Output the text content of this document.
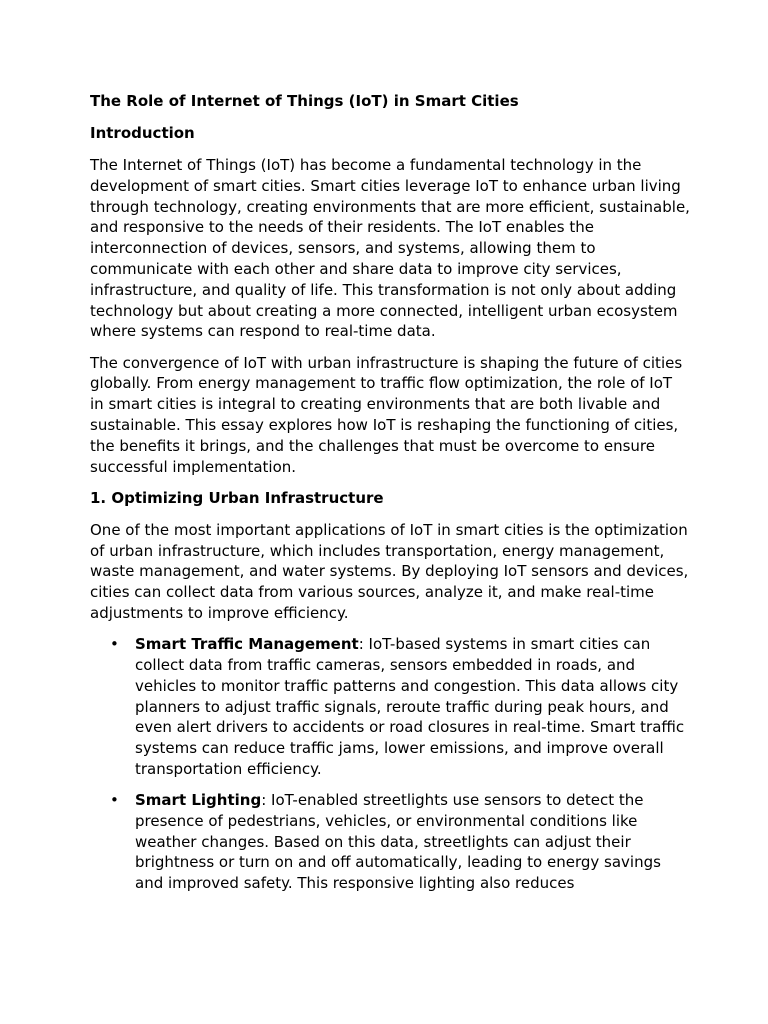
The Role of Internet of Things (IoT) in Smart Cities
Introduction

The Internet of Things (IoT) has become a fundamental technology in the development of smart cities. Smart cities leverage IoT to enhance urban living through technology, creating environments that are more efficient, sustainable, and responsive to the needs of their residents. The IoT enables the interconnection of devices, sensors, and systems, allowing them to communicate with each other and share data to improve city services, infrastructure, and quality of life. This transformation is not only about adding technology but about creating a more connected, intelligent urban ecosystem where systems can respond to real-time data.

The convergence of IoT with urban infrastructure is shaping the future of cities globally. From energy management to traffic flow optimization, the role of IoT in smart cities is integral to creating environments that are both livable and sustainable. This essay explores how IoT is reshaping the functioning of cities, the benefits it brings, and the challenges that must be overcome to ensure successful implementation.

1. Optimizing Urban Infrastructure

One of the most important applications of IoT in smart cities is the optimization of urban infrastructure, which includes transportation, energy management, waste management, and water systems. By deploying IoT sensors and devices, cities can collect data from various sources, analyze it, and make real-time adjustments to improve efficiency.

• Smart Traffic Management: IoT-based systems in smart cities can collect data from traffic cameras, sensors embedded in roads, and vehicles to monitor traffic patterns and congestion. This data allows city planners to adjust traffic signals, reroute traffic during peak hours, and even alert drivers to accidents or road closures in real-time. Smart traffic systems can reduce traffic jams, lower emissions, and improve overall transportation efficiency.
• Smart Lighting: IoT-enabled streetlights use sensors to detect the presence of pedestrians, vehicles, or environmental conditions like weather changes. Based on this data, streetlights can adjust their brightness or turn on and off automatically, leading to energy savings and improved safety. This responsive lighting also reduces
